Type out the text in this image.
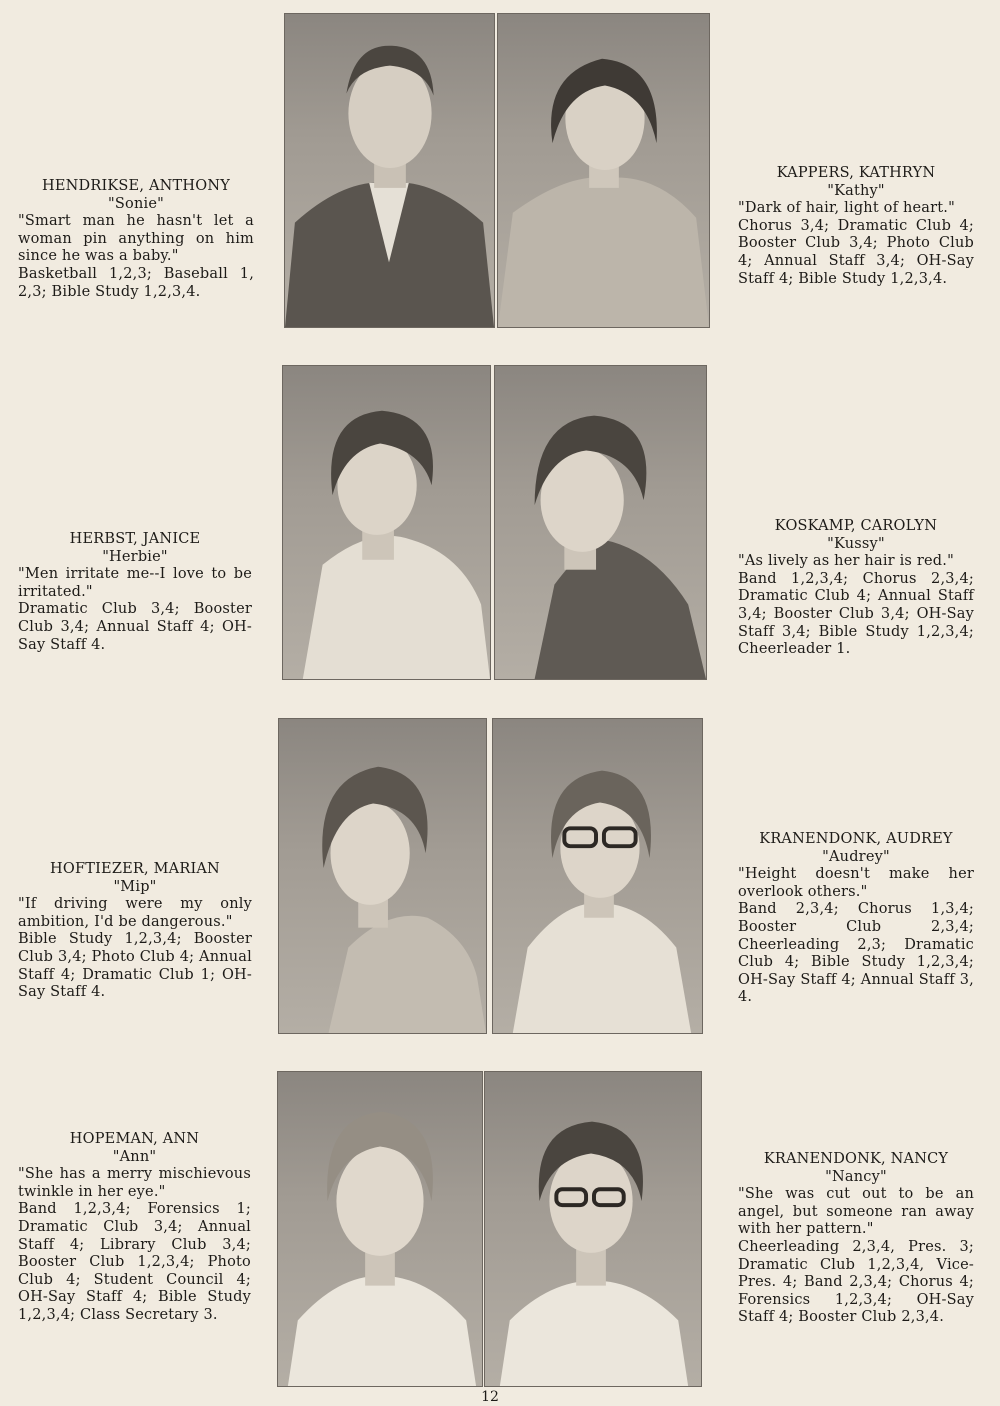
HENDRIKSE, ANTHONY
"Sonie"
"Smart man he hasn't let a woman pin anything on him since he was a baby."
Basketball 1,2,3; Baseball 1, 2,3; Bible Study 1,2,3,4.
KAPPERS, KATHRYN
"Kathy"
"Dark of hair, light of heart."
Chorus 3,4; Dramatic Club 4; Booster Club 3,4; Photo Club 4; Annual Staff 3,4; OH-Say Staff 4; Bible Study 1,2,3,4.
HERBST, JANICE
"Herbie"
"Men irritate me--I love to be irritated."
Dramatic Club 3,4; Booster Club 3,4; Annual Staff 4; OH-Say Staff 4.
KOSKAMP, CAROLYN
"Kussy"
"As lively as her hair is red."
Band 1,2,3,4; Chorus 2,3,4; Dramatic Club 4; Annual Staff 3,4; Booster Club 3,4; OH-Say Staff 3,4; Bible Study 1,2,3,4; Cheerleader 1.
HOFTIEZER, MARIAN
"Mip"
"If driving were my only ambition, I'd be dangerous."
Bible Study 1,2,3,4; Booster Club 3,4; Photo Club 4; Annual Staff 4; Dramatic Club 1; OH-Say Staff 4.
KRANENDONK, AUDREY
"Audrey"
"Height doesn't make her overlook others."
Band 2,3,4; Chorus 1,3,4; Booster Club 2,3,4; Cheerleading 2,3; Dramatic Club 4; Bible Study 1,2,3,4; OH-Say Staff 4; Annual Staff 3, 4.
HOPEMAN, ANN
"Ann"
"She has a merry mischievous twinkle in her eye."
Band 1,2,3,4; Forensics 1; Dramatic Club 3,4; Annual Staff 4; Library Club 3,4; Booster Club 1,2,3,4; Photo Club 4; Student Council 4; OH-Say Staff 4; Bible Study 1,2,3,4; Class Secretary 3.
KRANENDONK, NANCY
"Nancy"
"She was cut out to be an angel, but someone ran away with her pattern."
Cheerleading 2,3,4, Pres. 3; Dramatic Club 1,2,3,4, Vice-Pres. 4; Band 2,3,4; Chorus 4; Forensics 1,2,3,4; OH-Say Staff 4; Booster Club 2,3,4.
12
